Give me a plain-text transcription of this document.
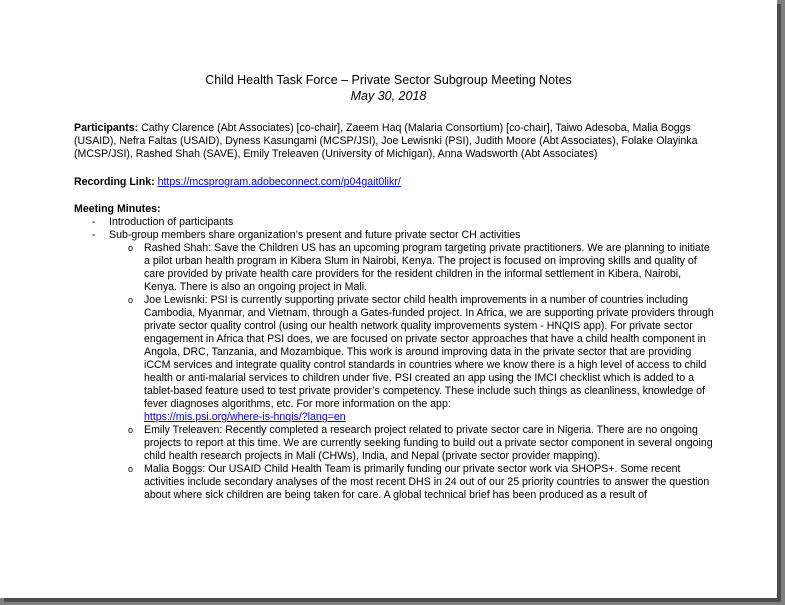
Child Health Task Force – Private Sector Subgroup Meeting Notes
May 30, 2018
Participants: Cathy Clarence (Abt Associates) [co-chair], Zaeem Haq (Malaria Consortium) [co-chair], Taiwo Adesoba, Malia Boggs (USAID), Nefra Faltas (USAID), Dyness Kasungami (MCSP/JSI), Joe Lewisnki (PSI), Judith Moore (Abt Associates), Folake Olayinka (MCSP/JSI), Rashed Shah (SAVE), Emily Treleaven (University of Michigan), Anna Wadsworth (Abt Associates)
Recording Link: https://mcsprogram.adobeconnect.com/p04gait0likr/
Meeting Minutes:
- Introduction of participants
- Sub-group members share organization’s present and future private sector CH activities
o Rashed Shah: Save the Children US has an upcoming program targeting private practitioners. We are planning to initiate a pilot urban health program in Kibera Slum in Nairobi, Kenya. The project is focused on improving skills and quality of care provided by private health care providers for the resident children in the informal settlement in Kibera, Nairobi, Kenya. There is also an ongoing project in Mali.

o Joe Lewisnki: PSI is currently supporting private sector child health improvements in a number of countries including Cambodia, Myanmar, and Vietnam, through a Gates-funded project. In Africa, we are supporting private providers through private sector quality control (using our health network quality improvements system - HNQIS app). For private sector engagement in Africa that PSI does, we are focused on private sector approaches that have a child health component in Angola, DRC, Tanzania, and Mozambique. This work is around improving data in the private sector that are providing iCCM services and integrate quality control standards in countries where we know there is a high level of access to child health or anti-malarial services to children under five. PSI created an app using the IMCI checklist which is added to a tablet-based feature used to test private provider’s competency. These include such things as cleanliness, knowledge of fever diagnoses algorithms, etc. For more information on the app:

https://mis.psi.org/where-is-hnqis/?lang=en
o Emily Treleaven: Recently completed a research project related to private sector care in Nigeria. There are no ongoing projects to report at this time. We are currently seeking funding to build out a private sector component in several ongoing child health research projects in Mali (CHWs), India, and Nepal (private sector provider mapping).

o Malia Boggs: Our USAID Child Health Team is primarily funding our private sector work via SHOPS+. Some recent activities include secondary analyses of the most recent DHS in 24 out of our 25 priority countries to answer the question about where sick children are being taken for care. A global technical brief has been produced as a result of
